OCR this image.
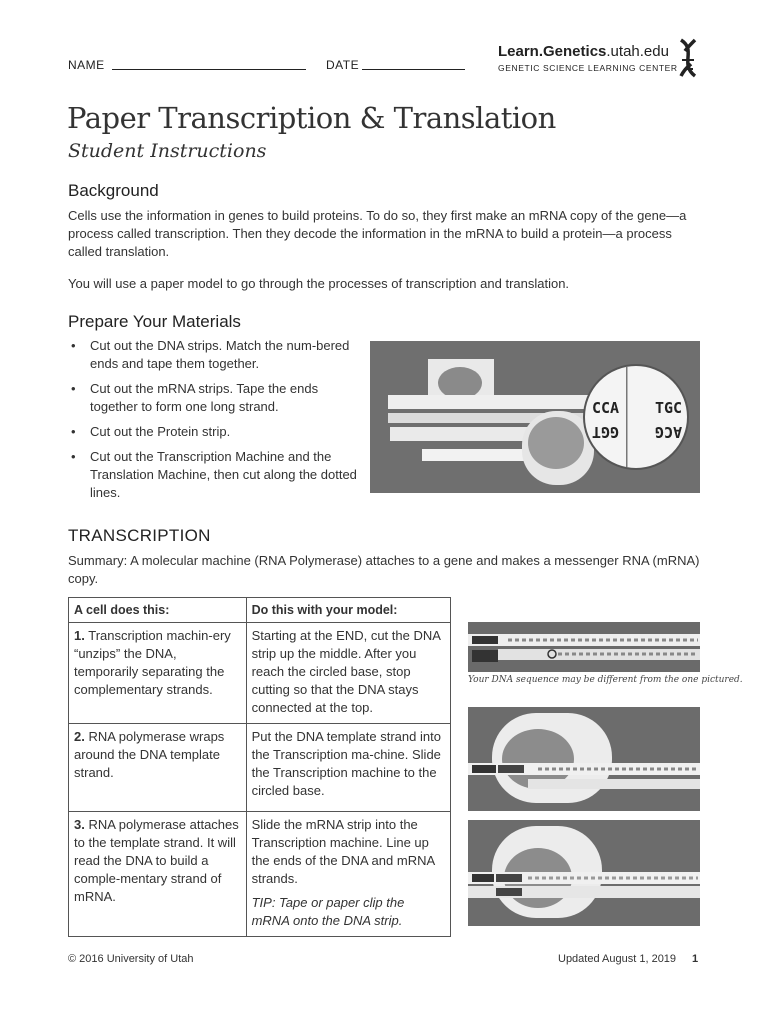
NAME	DATE
Learn.Genetics.utah.edu
GENETIC SCIENCE LEARNING CENTER
Paper Transcription & Translation
Student Instructions
Background
Cells use the information in genes to build proteins. To do so, they first make an mRNA copy of the gene—a process called transcription. Then they decode the information in the mRNA to build a protein—a process called translation.
You will use a paper model to go through the processes of transcription and translation.
Prepare Your Materials
• Cut out the DNA strips. Match the num-bered ends and tape them together.
• Cut out the mRNA strips. Tape the ends together to form one long strand.
• Cut out the Protein strip.
• Cut out the Transcription Machine and the Translation Machine, then cut along the dotted lines.
CCA TGC
GGT ACG
TRANSCRIPTION
Summary: A molecular machine (RNA Polymerase) attaches to a gene and makes a messenger RNA (mRNA) copy.
A cell does this:	Do this with your model:
1. Transcription machin-ery “unzips” the DNA, temporarily separating the complementary strands.	Starting at the END, cut the DNA strip up the middle. After you reach the circled base, stop cutting so that the DNA stays connected at the top.
2. RNA polymerase wraps around the DNA template strand.	Put the DNA template strand into the Transcription ma-chine. Slide the Transcription machine to the circled base.
3. RNA polymerase attaches to the template strand. It will read the DNA to build a comple-mentary strand of mRNA.	Slide the mRNA strip into the Transcription machine. Line up the ends of the DNA and mRNA strands.
TIP: Tape or paper clip the mRNA onto the DNA strip.
Your DNA sequence may be different from the one pictured.
© 2016 University of Utah	Updated August 1, 2019 1
